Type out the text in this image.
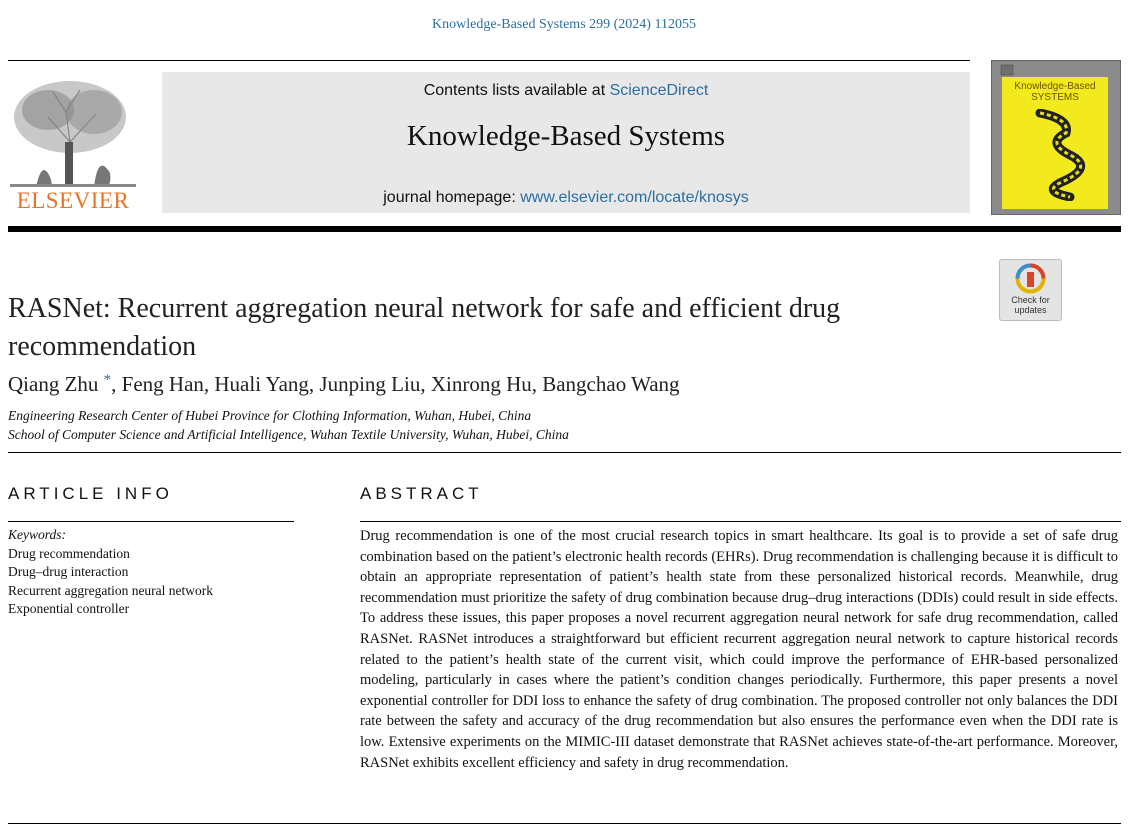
Knowledge-Based Systems 299 (2024) 112055
ELSEVIER
Contents lists available at ScienceDirect
Knowledge-Based Systems
journal homepage: www.elsevier.com/locate/knosys
Knowledge-Based
SYSTEMS
Check for
updates
RASNet: Recurrent aggregation neural network for safe and efficient drug recommendation
Qiang Zhu *, Feng Han, Huali Yang, Junping Liu, Xinrong Hu, Bangchao Wang
Engineering Research Center of Hubei Province for Clothing Information, Wuhan, Hubei, China
School of Computer Science and Artificial Intelligence, Wuhan Textile University, Wuhan, Hubei, China
ARTICLE INFO	ABSTRACT
Keywords:
Drug recommendation
Drug–drug interaction
Recurrent aggregation neural network
Exponential controller
Drug recommendation is one of the most crucial research topics in smart healthcare. Its goal is to provide a set of safe drug combination based on the patient’s electronic health records (EHRs). Drug recommendation is challenging because it is difficult to obtain an appropriate representation of patient’s health state from these personalized historical records. Meanwhile, drug recommendation must prioritize the safety of drug combination because drug–drug interactions (DDIs) could result in side effects. To address these issues, this paper proposes a novel recurrent aggregation neural network for safe drug recommendation, called RASNet. RASNet introduces a straightforward but efficient recurrent aggregation neural network to capture historical records related to the patient’s health state of the current visit, which could improve the performance of EHR-based personalized modeling, particularly in cases where the patient’s condition changes periodically. Furthermore, this paper presents a novel exponential controller for DDI loss to enhance the safety of drug combination. The proposed controller not only balances the DDI rate between the safety and accuracy of the drug recommendation but also ensures the performance even when the DDI rate is low. Extensive experiments on the MIMIC-III dataset demonstrate that RASNet achieves state-of-the-art performance. Moreover, RASNet exhibits excellent efficiency and safety in drug recommendation.
